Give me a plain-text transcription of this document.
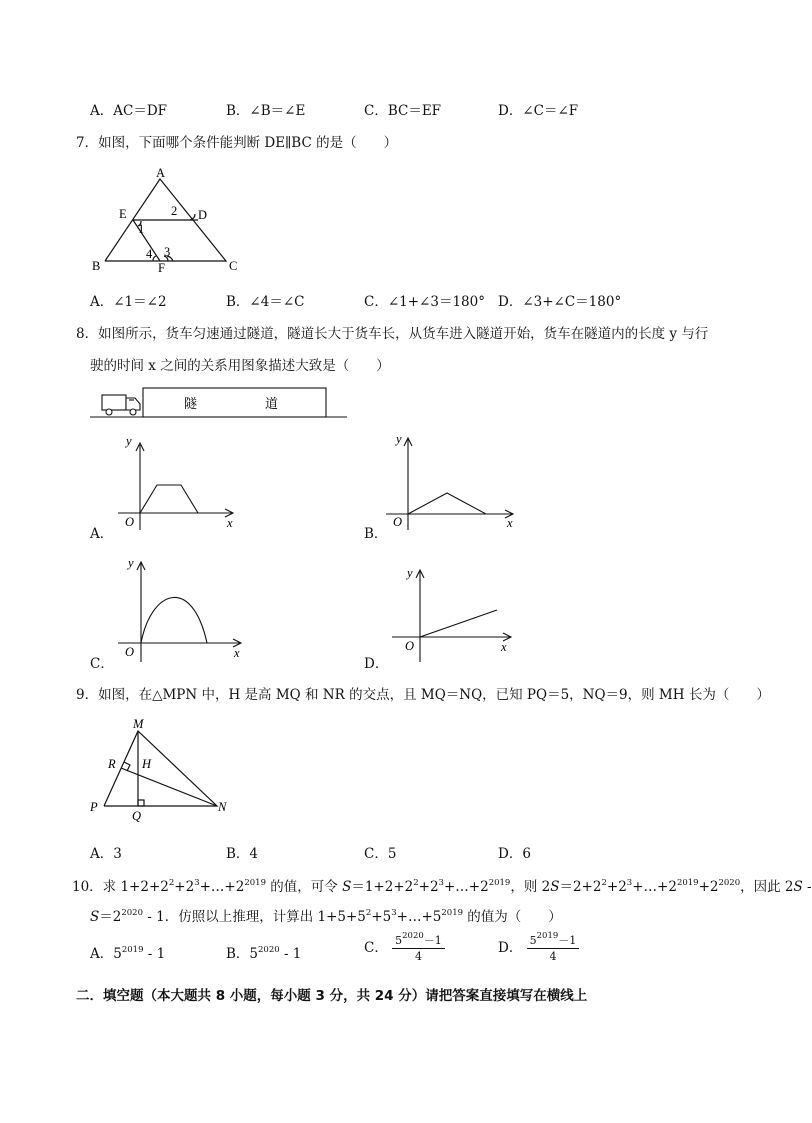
A．AC＝DF	B．∠B＝∠E	C．BC＝EF	D．∠C＝∠F
7．如图，下面哪个条件能判断 DE∥BC 的是（　　）
A
E	D
B	C
F
1
2
3
4
A．∠1＝∠2	B．∠4＝∠C	C．∠1+∠3＝180° D．∠3+∠C＝180°
8．如图所示，货车匀速通过隧道，隧道长大于货车长，从货车进入隧道开始，货车在隧道内的长度 y 与行
驶的时间 x 之间的关系用图象描述大致是（　　）
隧	道
y
x
O
A．
y
x
O
B．
y
x
O
C．
y
x
O
D．
9．如图，在△MPN 中，H 是高 MQ 和 NR 的交点，且 MQ＝NQ，已知 PQ＝5，NQ＝9，则 MH 长为（　　）
M
R H
P
Q
N
A．3	B．4	C．5	D．6
10．求 $1+2+2^2+2^3+\dots+2^{2019}$ 的值，可令 $S=1+2+2^2+2^3+\dots+2^{2019}$，则 $2S=2+2^2+2^3+\dots+2^{2019}+2^{2020}$，因此 2S -
$S=2^{2020} - 1$．仿照以上推理，计算出 $1+5+5^2+5^3+\dots+5^{2019}$ 的值为（　　）
A．$5^{2019} - 1$	B．$5^{2020} - 1$	C． $\frac{5^{2020}-1}{4}$	D． $\frac{5^{2019}-1}{4}$
二．填空题（本大题共 8 小题，每小题 3 分，共 24 分）请把答案直接填写在横线上
